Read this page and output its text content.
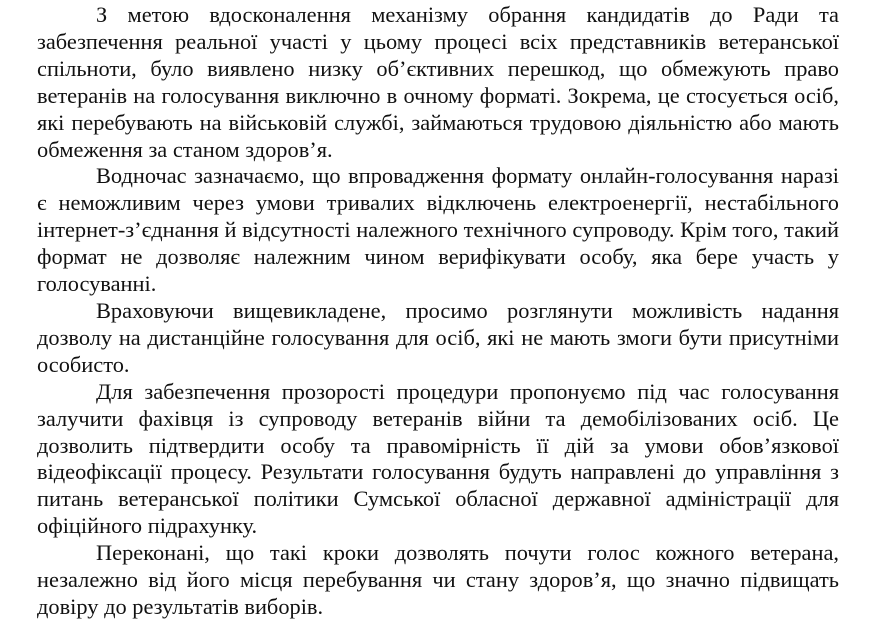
З метою вдосконалення механізму обрання кандидатів до Ради та забезпечення реальної участі у цьому процесі всіх представників ветеранської спільноти, було виявлено низку об’єктивних перешкод, що обмежують право ветеранів на голосування виключно в очному форматі. Зокрема, це стосується осіб, які перебувають на військовій службі, займаються трудовою діяльністю або мають обмеження за станом здоров’я.

Водночас зазначаємо, що впровадження формату онлайн-голосування наразі є неможливим через умови тривалих відключень електроенергії, нестабільного інтернет-з’єднання й відсутності належного технічного супроводу. Крім того, такий формат не дозволяє належним чином верифікувати особу, яка бере участь у голосуванні.

Враховуючи вищевикладене, просимо розглянути можливість надання дозволу на дистанційне голосування для осіб, які не мають змоги бути присутніми особисто.

Для забезпечення прозорості процедури пропонуємо під час голосування залучити фахівця із супроводу ветеранів війни та демобілізованих осіб. Це дозволить підтвердити особу та правомірність її дій за умови обов’язкової відеофіксації процесу. Результати голосування будуть направлені до управління з питань ветеранської політики Сумської обласної державної адміністрації для офіційного підрахунку.

Переконані, що такі кроки дозволять почути голос кожного ветерана, незалежно від його місця перебування чи стану здоров’я, що значно підвищать довіру до результатів виборів.
